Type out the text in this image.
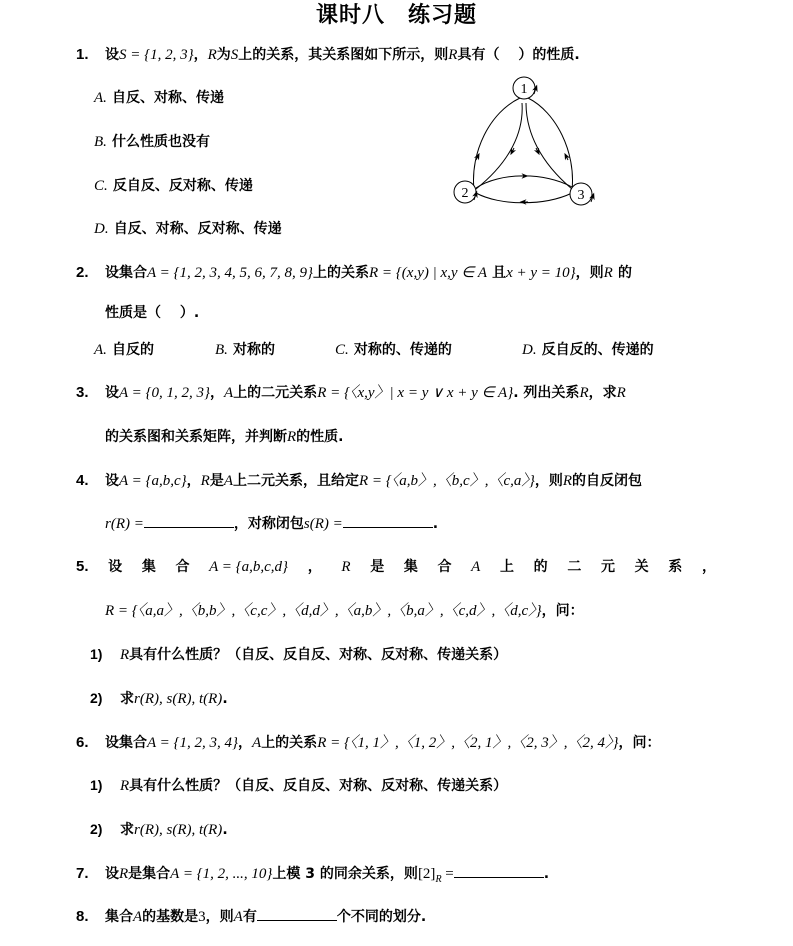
课时八　练习题
1. 设S = {1, 2, 3}，R为S上的关系，其关系图如下所示，则R具有（　 ）的性质.
A. 自反、对称、传递
B. 什么性质也没有
C. 反自反、反对称、传递
D. 自反、对称、反对称、传递
1
2	3
2. 设集合A = {1, 2, 3, 4, 5, 6, 7, 8, 9}上的关系R = {(x,y) | x,y ∈ A 且x + y = 10}，则R 的
性质是（　 ）.
A. 自反的	B. 对称的	C. 对称的、传递的	D. 反自反的、传递的
3. 设A = {0, 1, 2, 3}，A上的二元关系R = {〈x,y〉| x = y ∨ x + y ∈ A}. 列出关系R，求R
的关系图和关系矩阵，并判断R的性质.
4. 设A = {a,b,c}，R是A上二元关系，且给定R = {〈a,b〉,〈b,c〉,〈c,a〉}，则R的自反闭包
r(R) =	，对称闭包s(R) =	.
5. 设 集 合 A = {a,b,c,d} ， R 是 集 合 A 上 的 二 元 关 系 ，
R = {〈a,a〉,〈b,b〉,〈c,c〉,〈d,d〉,〈a,b〉,〈b,a〉,〈c,d〉,〈d,c〉}，问：
1) R具有什么性质？（自反、反自反、对称、反对称、传递关系）
2) 求r(R), s(R), t(R).
6. 设集合A = {1, 2, 3, 4}，A上的关系R = {〈1, 1〉,〈1, 2〉,〈2, 1〉,〈2, 3〉,〈2, 4〉}，问：
1) R具有什么性质？（自反、反自反、对称、反对称、传递关系）
2) 求r(R), s(R), t(R).
7. 设R是集合A = {1, 2, ..., 10}上模 3 的同余关系，则$[2]_R$ =	.
8. 集合A的基数是3，则A有	个不同的划分.
